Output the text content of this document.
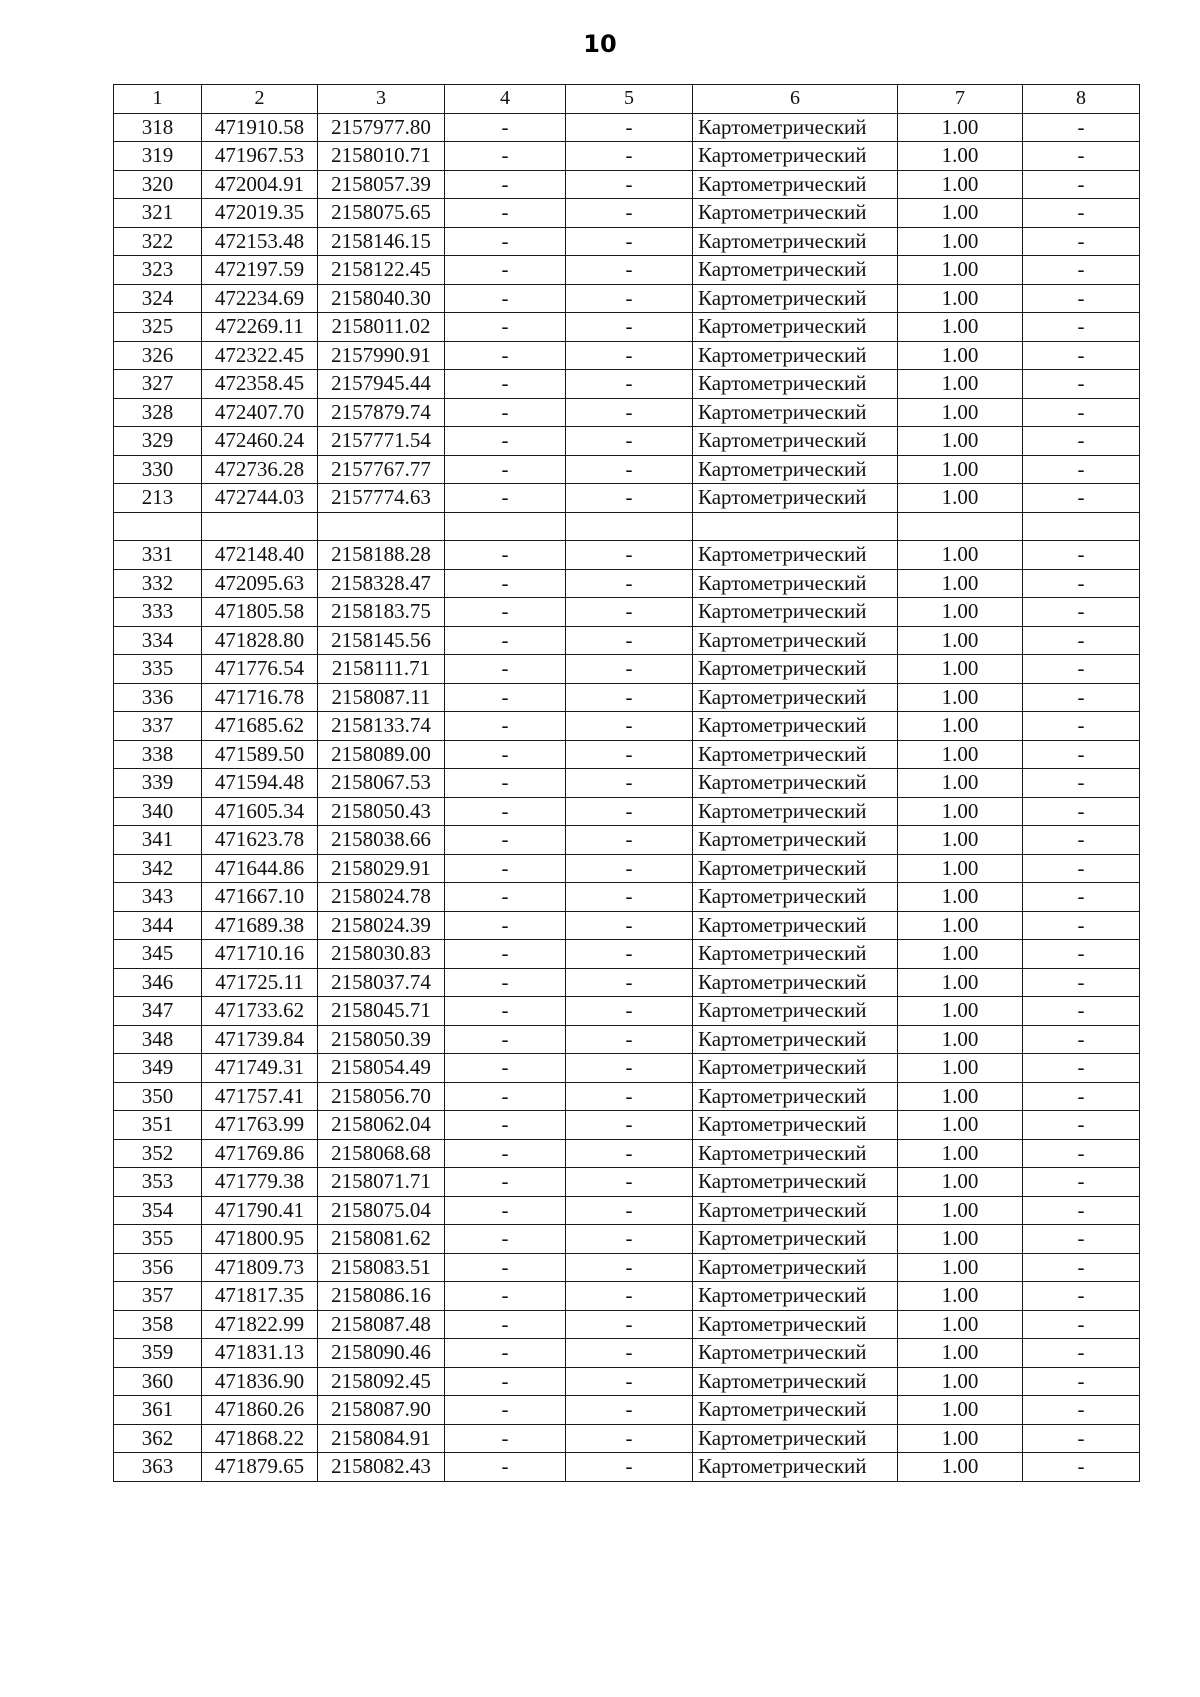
10
1	2	3	4	5	6	7	8
318	471910.58	2157977.80	-	-	Картометрический	1.00	-
319	471967.53	2158010.71	-	-	Картометрический	1.00	-
320	472004.91	2158057.39	-	-	Картометрический	1.00	-
321	472019.35	2158075.65	-	-	Картометрический	1.00	-
322	472153.48	2158146.15	-	-	Картометрический	1.00	-
323	472197.59	2158122.45	-	-	Картометрический	1.00	-
324	472234.69	2158040.30	-	-	Картометрический	1.00	-
325	472269.11	2158011.02	-	-	Картометрический	1.00	-
326	472322.45	2157990.91	-	-	Картометрический	1.00	-
327	472358.45	2157945.44	-	-	Картометрический	1.00	-
328	472407.70	2157879.74	-	-	Картометрический	1.00	-
329	472460.24	2157771.54	-	-	Картометрический	1.00	-
330	472736.28	2157767.77	-	-	Картометрический	1.00	-
213	472744.03	2157774.63	-	-	Картометрический	1.00	-

331	472148.40	2158188.28	-	-	Картометрический	1.00	-
332	472095.63	2158328.47	-	-	Картометрический	1.00	-
333	471805.58	2158183.75	-	-	Картометрический	1.00	-
334	471828.80	2158145.56	-	-	Картометрический	1.00	-
335	471776.54	2158111.71	-	-	Картометрический	1.00	-
336	471716.78	2158087.11	-	-	Картометрический	1.00	-
337	471685.62	2158133.74	-	-	Картометрический	1.00	-
338	471589.50	2158089.00	-	-	Картометрический	1.00	-
339	471594.48	2158067.53	-	-	Картометрический	1.00	-
340	471605.34	2158050.43	-	-	Картометрический	1.00	-
341	471623.78	2158038.66	-	-	Картометрический	1.00	-
342	471644.86	2158029.91	-	-	Картометрический	1.00	-
343	471667.10	2158024.78	-	-	Картометрический	1.00	-
344	471689.38	2158024.39	-	-	Картометрический	1.00	-
345	471710.16	2158030.83	-	-	Картометрический	1.00	-
346	471725.11	2158037.74	-	-	Картометрический	1.00	-
347	471733.62	2158045.71	-	-	Картометрический	1.00	-
348	471739.84	2158050.39	-	-	Картометрический	1.00	-
349	471749.31	2158054.49	-	-	Картометрический	1.00	-
350	471757.41	2158056.70	-	-	Картометрический	1.00	-
351	471763.99	2158062.04	-	-	Картометрический	1.00	-
352	471769.86	2158068.68	-	-	Картометрический	1.00	-
353	471779.38	2158071.71	-	-	Картометрический	1.00	-
354	471790.41	2158075.04	-	-	Картометрический	1.00	-
355	471800.95	2158081.62	-	-	Картометрический	1.00	-
356	471809.73	2158083.51	-	-	Картометрический	1.00	-
357	471817.35	2158086.16	-	-	Картометрический	1.00	-
358	471822.99	2158087.48	-	-	Картометрический	1.00	-
359	471831.13	2158090.46	-	-	Картометрический	1.00	-
360	471836.90	2158092.45	-	-	Картометрический	1.00	-
361	471860.26	2158087.90	-	-	Картометрический	1.00	-
362	471868.22	2158084.91	-	-	Картометрический	1.00	-
363	471879.65	2158082.43	-	-	Картометрический	1.00	-
